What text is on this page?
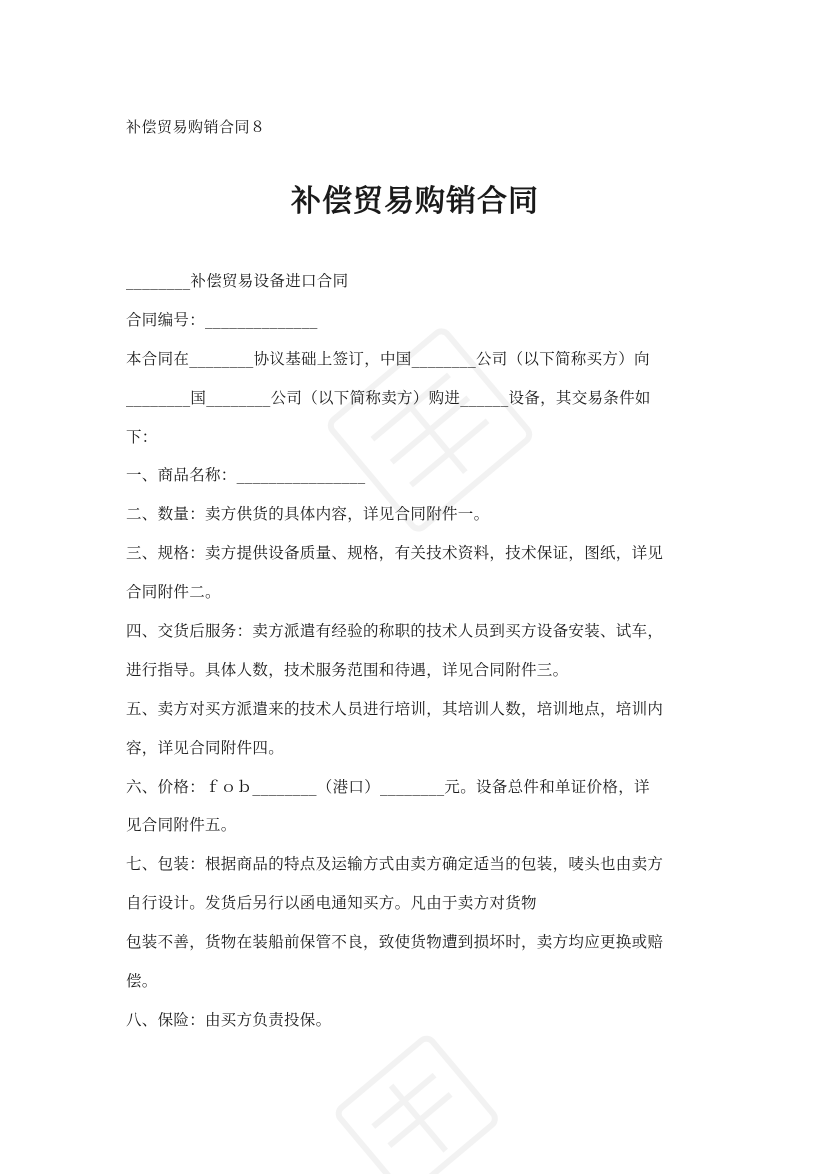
补偿贸易购销合同８
补偿贸易购销合同
________补偿贸易设备进口合同
合同编号：______________
本合同在________协议基础上签订，中国________公司（以下简称买方）向
________国________公司（以下简称卖方）购进______设备，其交易条件如
下：
一、商品名称：________________
二、数量：卖方供货的具体内容，详见合同附件一。
三、规格：卖方提供设备质量、规格，有关技术资料，技术保证，图纸，详见
合同附件二。
四、交货后服务：卖方派遣有经验的称职的技术人员到买方设备安装、试车，
进行指导。具体人数，技术服务范围和待遇，详见合同附件三。
五、卖方对买方派遣来的技术人员进行培训，其培训人数，培训地点，培训内
容，详见合同附件四。
六、价格：ｆｏｂ________（港口）________元。设备总件和单证价格，详
见合同附件五。
七、包装：根据商品的特点及运输方式由卖方确定适当的包装，唛头也由卖方
自行设计。发货后另行以函电通知买方。凡由于卖方对货物
包装不善，货物在装船前保管不良，致使货物遭到损坏时，卖方均应更换或赔
偿。
八、保险：由买方负责投保。
